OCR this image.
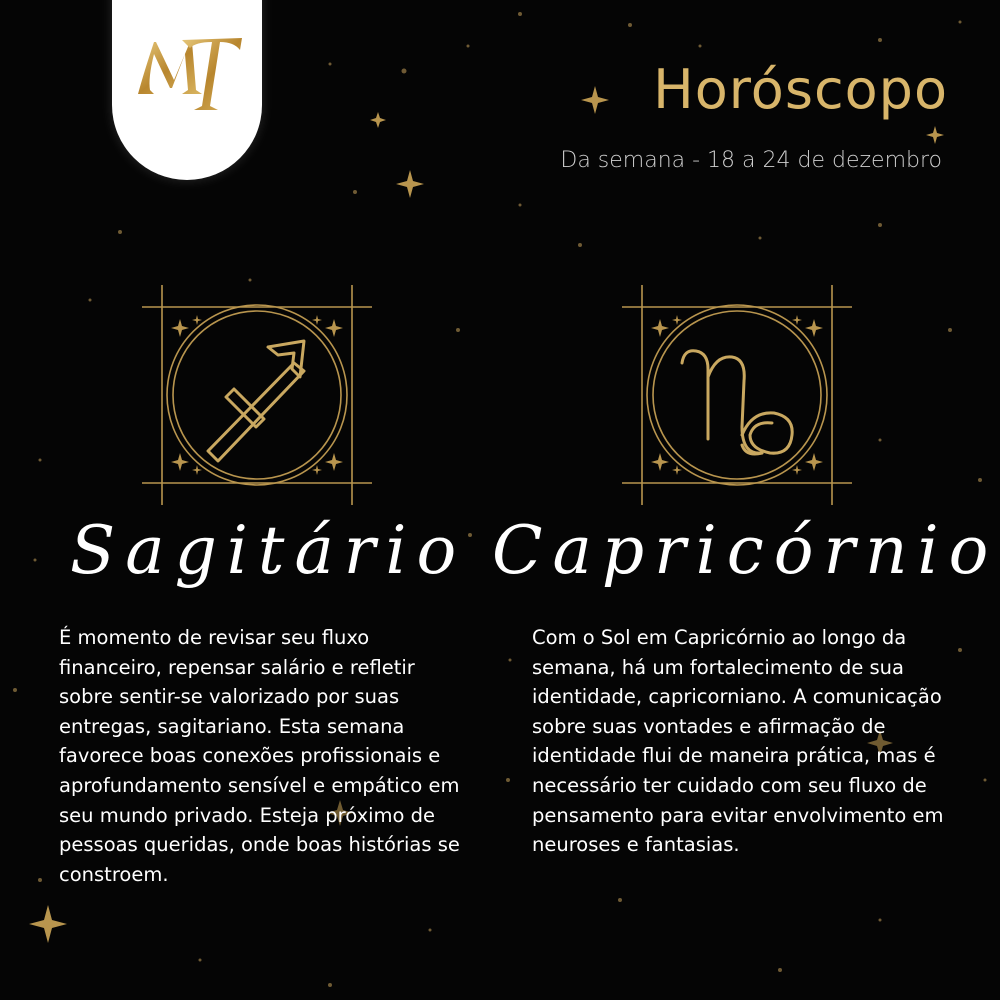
Horóscopo
Da semana - 18 a 24 de dezembro
Sagitário Capricórnio
É momento de revisar seu fluxo financeiro, repensar salário e refletir sobre sentir-se valorizado por suas entregas, sagitariano. Esta semana favorece boas conexões profissionais e aprofundamento sensível e empático em seu mundo privado. Esteja próximo de pessoas queridas, onde boas histórias se constroem.
Com o Sol em Capricórnio ao longo da semana, há um fortalecimento de sua identidade, capricorniano. A comunicação sobre suas vontades e afirmação de identidade flui de maneira prática, mas é necessário ter cuidado com seu fluxo de pensamento para evitar envolvimento em neuroses e fantasias.
